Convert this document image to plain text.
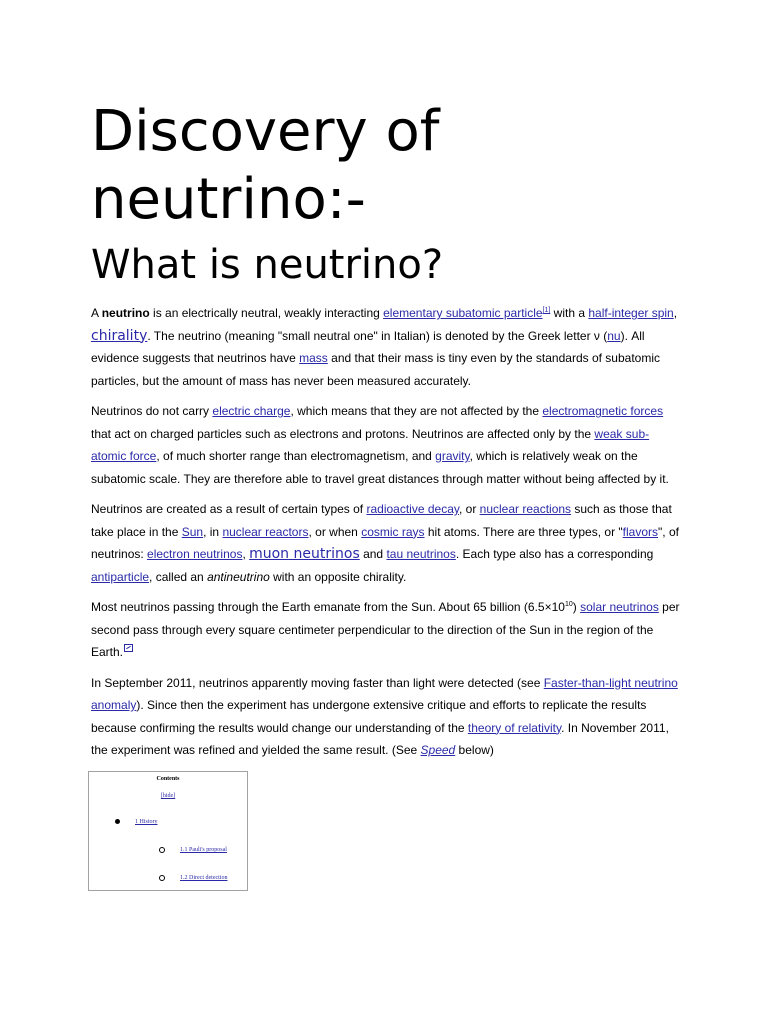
Discovery of neutrino:-
What is neutrino?

A neutrino is an electrically neutral, weakly interacting elementary subatomic particle[1] with a half-integer spin, chirality. The neutrino (meaning "small neutral one" in Italian) is denoted by the Greek letter ν (nu). All evidence suggests that neutrinos have mass and that their mass is tiny even by the standards of subatomic particles, but the amount of mass has never been measured accurately.

Neutrinos do not carry electric charge, which means that they are not affected by the electromagnetic forces that act on charged particles such as electrons and protons. Neutrinos are affected only by the weak sub-atomic force, of much shorter range than electromagnetism, and gravity, which is relatively weak on the subatomic scale. They are therefore able to travel great distances through matter without being affected by it.

Neutrinos are created as a result of certain types of radioactive decay, or nuclear reactions such as those that take place in the Sun, in nuclear reactors, or when cosmic rays hit atoms. There are three types, or "flavors", of neutrinos: electron neutrinos, muon neutrinos and tau neutrinos. Each type also has a corresponding antiparticle, called an antineutrino with an opposite chirality.

Most neutrinos passing through the Earth emanate from the Sun. About 65 billion $(6.5\times 10^{10})$ solar neutrinos per second pass through every square centimeter perpendicular to the direction of the Sun in the region of the Earth.

In September 2011, neutrinos apparently moving faster than light were detected (see Faster-than-light neutrino anomaly). Since then the experiment has undergone extensive critique and efforts to replicate the results because confirming the results would change our understanding of the theory of relativity. In November 2011, the experiment was refined and yielded the same result. (See Speed below)

Contents
[hide]
1 History
1.1 Pauli's proposal
1.2 Direct detection
